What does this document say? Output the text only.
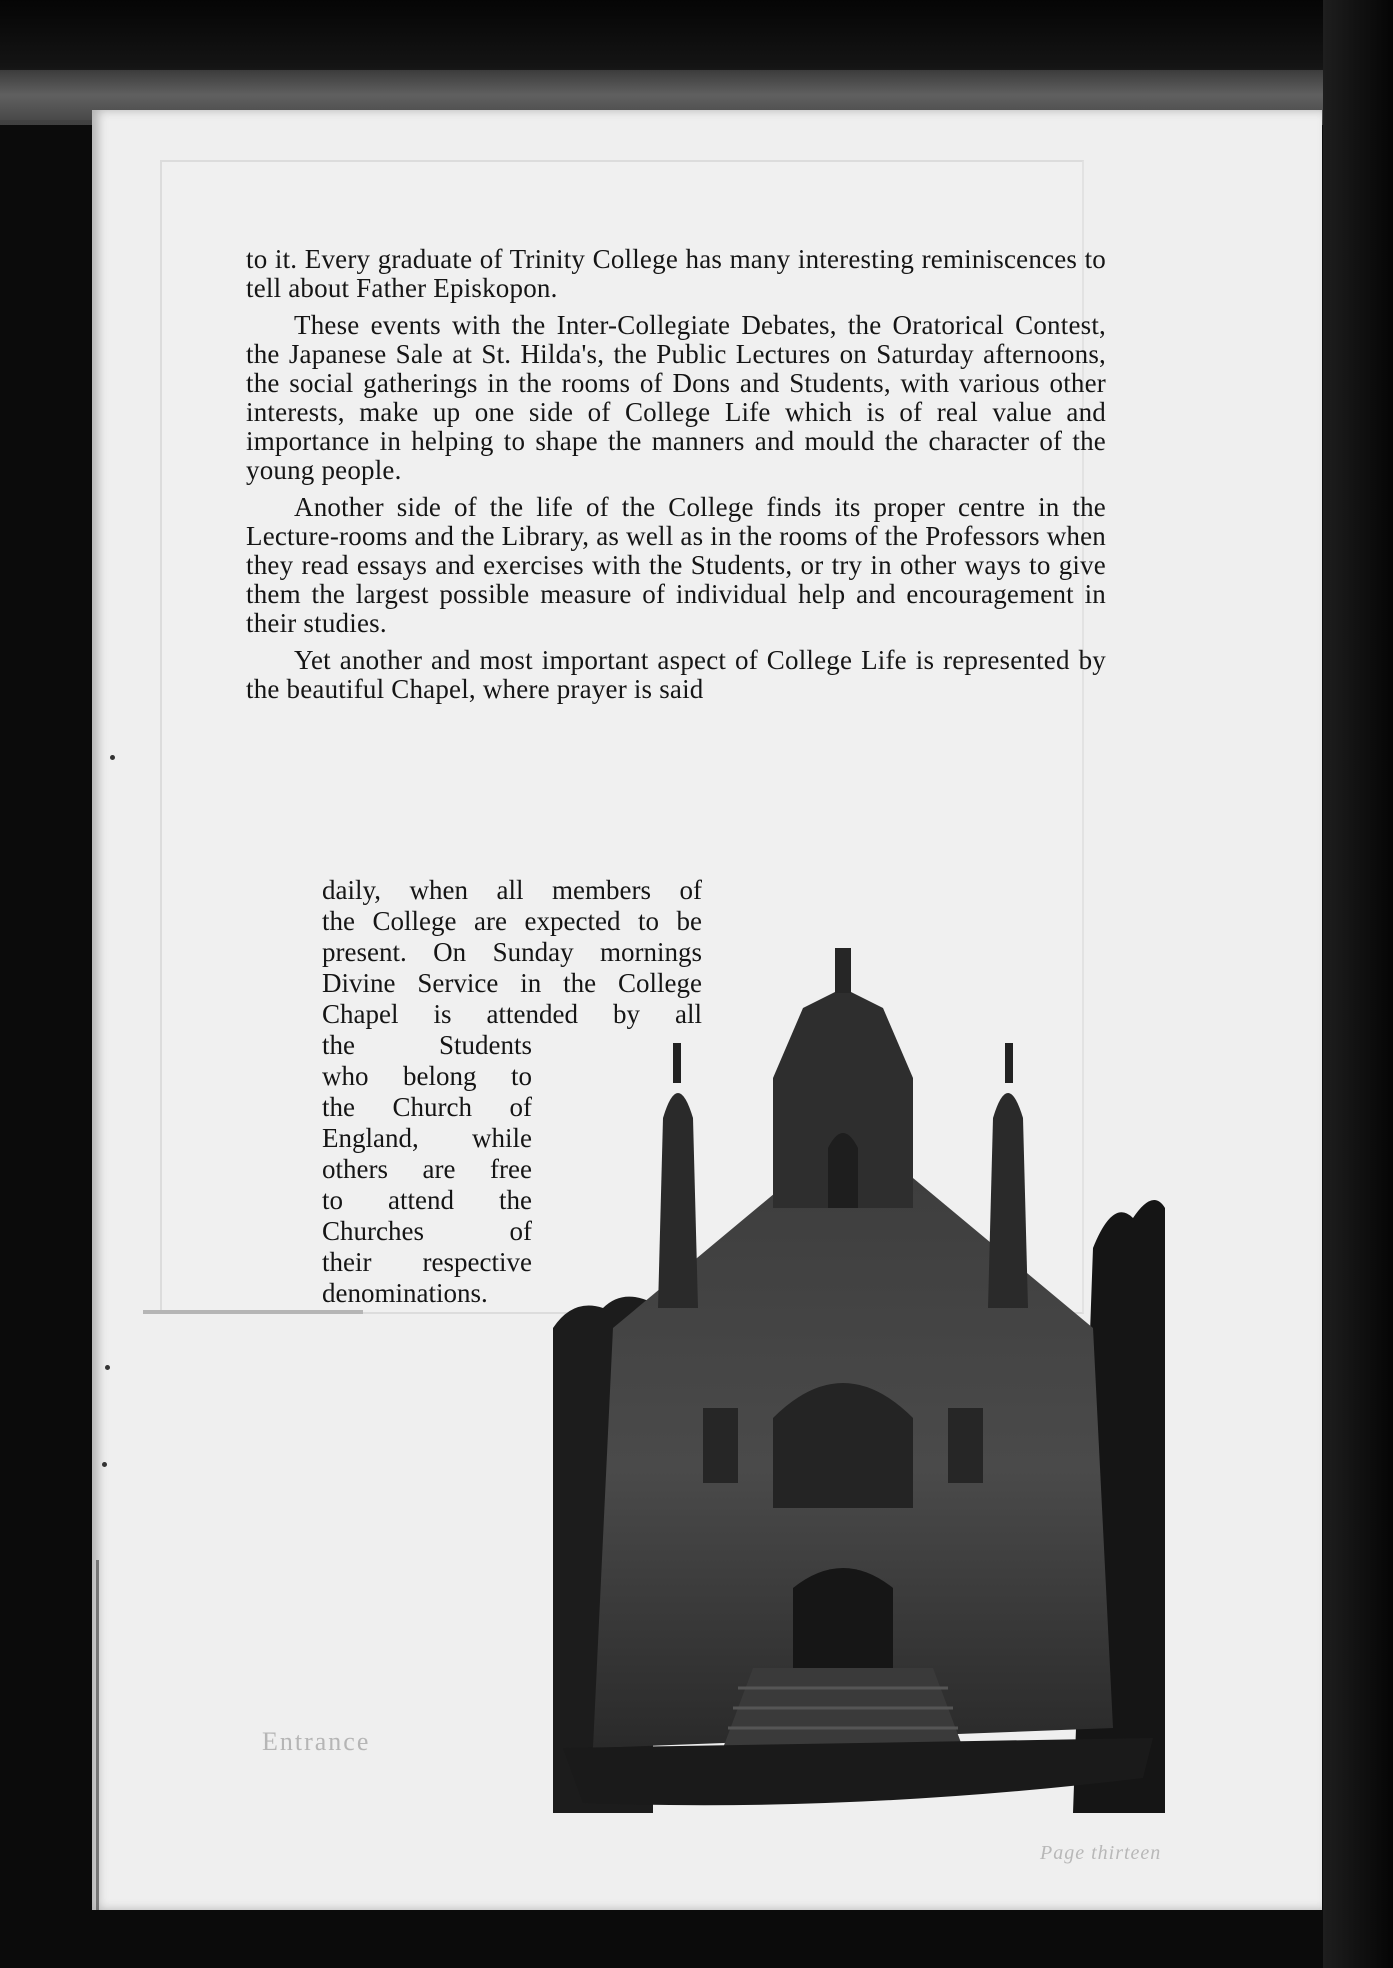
to it. Every graduate of Trinity College has many interesting reminiscences to tell about Father Episkopon.

These events with the Inter-Collegiate Debates, the Oratorical Contest, the Japanese Sale at St. Hilda's, the Public Lectures on Saturday afternoons, the social gatherings in the rooms of Dons and Students, with various other interests, make up one side of College Life which is of real value and importance in helping to shape the manners and mould the character of the young people.

Another side of the life of the College finds its proper centre in the Lecture-rooms and the Library, as well as in the rooms of the Professors when they read essays and exercises with the Students, or try in other ways to give them the largest possible measure of individual help and encouragement in their studies.

Yet another and most important aspect of College Life is represented by the beautiful Chapel, where prayer is said

daily, when all members of
the College are expected to be
present. On Sunday mornings
Divine Service in the College
Chapel is attended by all
the Students
who belong to
the Church of
England, while
others are free
to attend the
Churches of
their respective
denominations.
Entrance
Page thirteen
